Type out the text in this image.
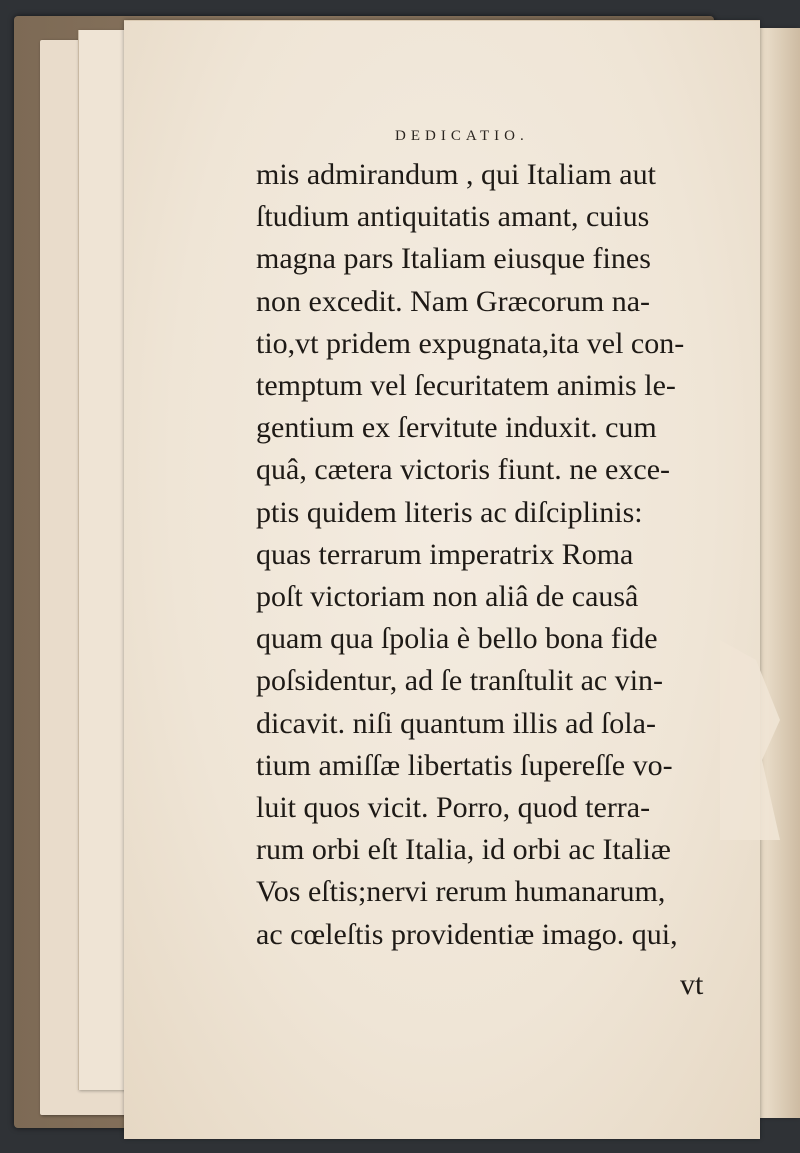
DEDICATIO.
mis admirandum , qui Italiam aut
ſtudium antiquitatis amant, cuius
magna pars Italiam eiusque fines
non excedit. Nam Græcorum na-
tio,vt pridem expugnata,ita vel con-
temptum vel ſecuritatem animis le-
gentium ex ſervitute induxit. cum
quâ, cætera victoris fiunt. ne exce-
ptis quidem literis ac diſciplinis:
quas terrarum imperatrix Roma
poſt victoriam non aliâ de causâ
quam qua ſpolia è bello bona fide
poſsidentur, ad ſe tranſtulit ac vin-
dicavit. niſi quantum illis ad ſola-
tium amiſſæ libertatis ſupereſſe vo-
luit quos vicit. Porro, quod terra-
rum orbi eſt Italia, id orbi ac Italiæ
Vos eſtis;nervi rerum humanarum,
ac cœleſtis providentiæ imago. qui,
vt
